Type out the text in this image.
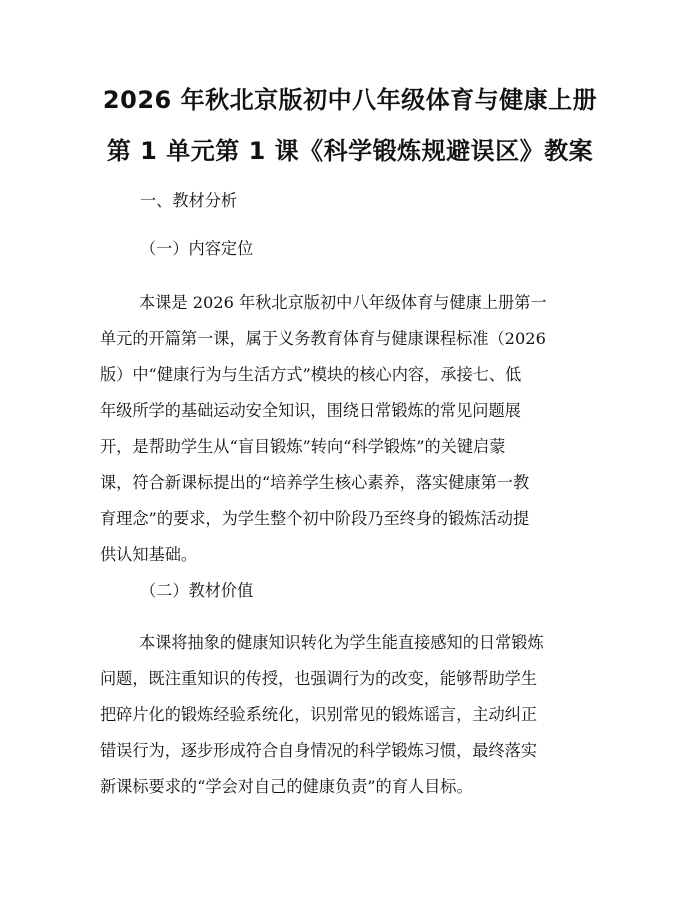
2026 年秋北京版初中八年级体育与健康上册
第 1 单元第 1 课《科学锻炼规避误区》教案
一、教材分析
（一）内容定位
本课是 2026 年秋北京版初中八年级体育与健康上册第一
单元的开篇第一课，属于义务教育体育与健康课程标准（2026
版）中“健康行为与生活方式”模块的核心内容，承接七、低
年级所学的基础运动安全知识，围绕日常锻炼的常见问题展
开，是帮助学生从“盲目锻炼”转向“科学锻炼”的关键启蒙
课，符合新课标提出的“培养学生核心素养，落实健康第一教
育理念”的要求，为学生整个初中阶段乃至终身的锻炼活动提
供认知基础。
（二）教材价值
本课将抽象的健康知识转化为学生能直接感知的日常锻炼
问题，既注重知识的传授，也强调行为的改变，能够帮助学生
把碎片化的锻炼经验系统化，识别常见的锻炼谣言，主动纠正
错误行为，逐步形成符合自身情况的科学锻炼习惯，最终落实
新课标要求的“学会对自己的健康负责”的育人目标。
